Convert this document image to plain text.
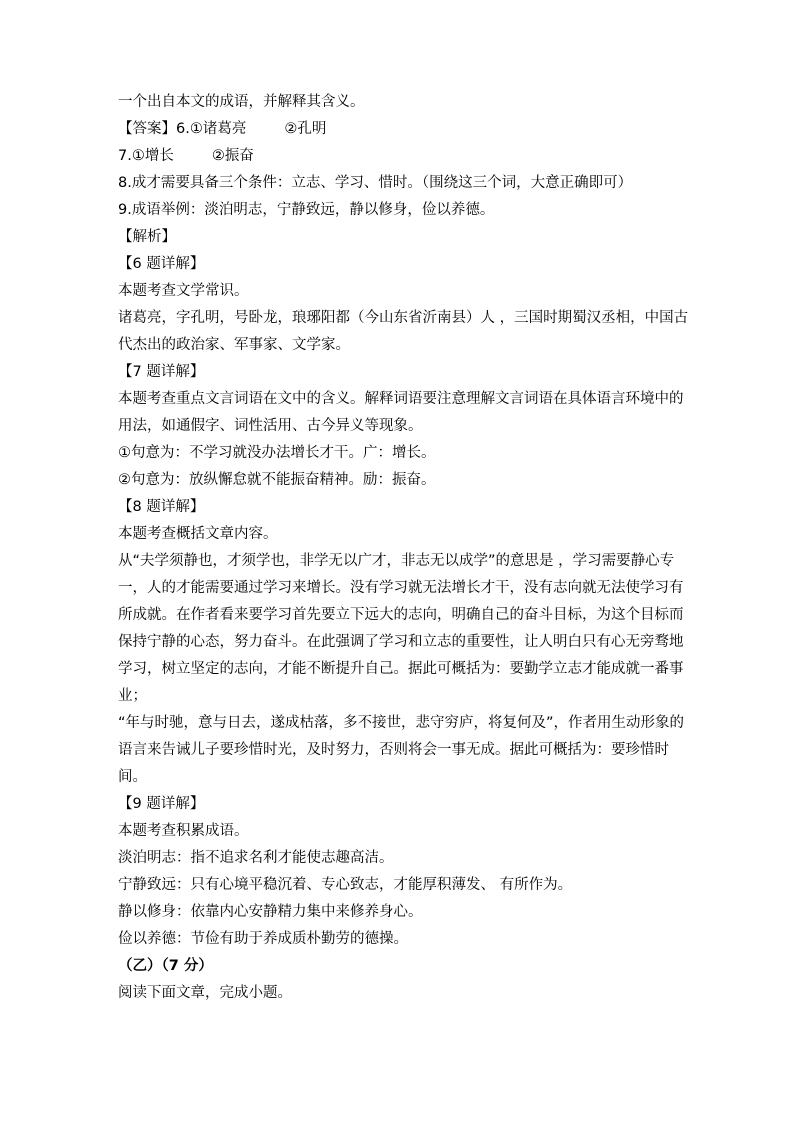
一个出自本文的成语，并解释其含义。
【答案】6.①诸葛亮	②孔明
7.①增长	②振奋
8.成才需要具备三个条件：立志、学习、惜时。（围绕这三个词，大意正确即可）
9.成语举例：淡泊明志，宁静致远，静以修身，俭以养德。
【解析】
【6 题详解】
本题考查文学常识。
诸葛亮，字孔明，号卧龙，琅琊阳都（今山东省沂南县）人 ，三国时期蜀汉丞相，中国古
代杰出的政治家、军事家、文学家。
【7 题详解】
本题考查重点文言词语在文中的含义。解释词语要注意理解文言词语在具体语言环境中的
用法，如通假字、词性活用、古今异义等现象。
①句意为：不学习就没办法增长才干。广：增长。
②句意为：放纵懈怠就不能振奋精神。励：振奋。
【8 题详解】
本题考查概括文章内容。
从“夫学须静也，才须学也，非学无以广才，非志无以成学”的意思是 ，学习需要静心专
一，人的才能需要通过学习来增长。没有学习就无法增长才干，没有志向就无法使学习有
所成就。在作者看来要学习首先要立下远大的志向，明确自己的奋斗目标，为这个目标而
保持宁静的心态，努力奋斗。在此强调了学习和立志的重要性，让人明白只有心无旁骛地
学习，树立坚定的志向，才能不断提升自己。据此可概括为：要勤学立志才能成就一番事
业；
“年与时驰，意与日去，遂成枯落，多不接世，悲守穷庐，将复何及”，作者用生动形象的
语言来告诫儿子要珍惜时光，及时努力，否则将会一事无成。据此可概括为：要珍惜时
间。
【9 题详解】
本题考查积累成语。
淡泊明志：指不追求名利才能使志趣高洁。
宁静致远：只有心境平稳沉着、专心致志，才能厚积薄发、 有所作为。
静以修身：依靠内心安静精力集中来修养身心。
俭以养德：节俭有助于养成质朴勤劳的德操。
（乙）（7 分）
阅读下面文章，完成小题。
